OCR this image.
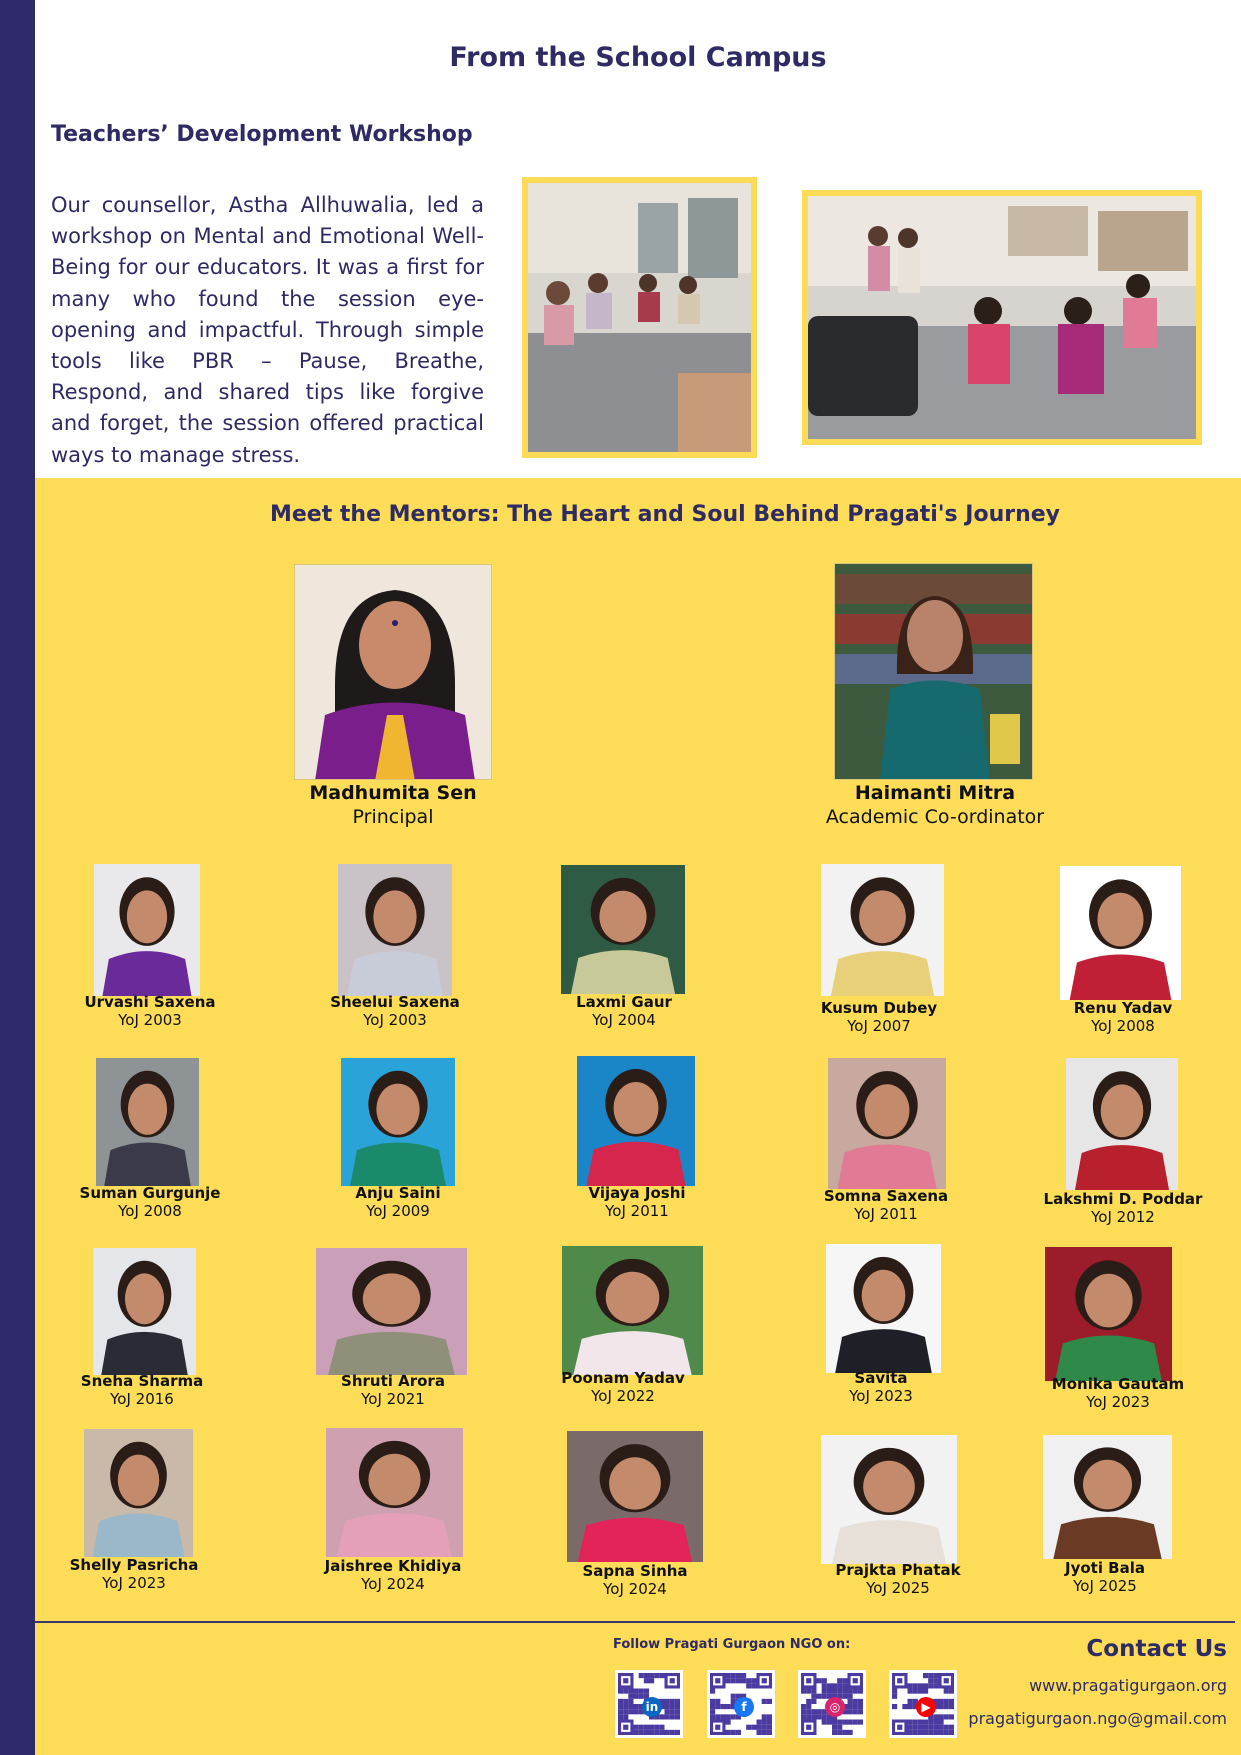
From the School Campus
Teachers’ Development Workshop
Our counsellor, Astha Allhuwalia, led a workshop on Mental and Emotional Well-Being for our educators. It was a first for many who found the session eye-opening and impactful. Through simple tools like PBR – Pause, Breathe, Respond, and shared tips like forgive and forget, the session offered practical ways to manage stress.
Meet the Mentors: The Heart and Soul Behind Pragati's Journey
Madhumita Sen
Principal
Haimanti Mitra
Academic Co-ordinator
Urvashi Saxena
YoJ 2003
Sheelui Saxena
YoJ 2003
Laxmi Gaur
YoJ 2004
Kusum Dubey
YoJ 2007
Renu Yadav
YoJ 2008
Suman Gurgunje
YoJ 2008
Anju Saini
YoJ 2009
Vijaya Joshi
YoJ 2011
Somna Saxena
YoJ 2011
Lakshmi D. Poddar
YoJ 2012
Sneha Sharma
YoJ 2016
Shruti Arora
YoJ 2021
Poonam Yadav
YoJ 2022
Savita
YoJ 2023
Monika Gautam
YoJ 2023
Shelly Pasricha
YoJ 2023
Jaishree Khidiya
YoJ 2024
Sapna Sinha
YoJ 2024
Prajkta Phatak
YoJ 2025
Jyoti Bala
YoJ 2025
Follow Pragati Gurgaon NGO on:
in	f	◎	▶
Contact Us
www.pragatigurgaon.org
pragatigurgaon.ngo@gmail.com
